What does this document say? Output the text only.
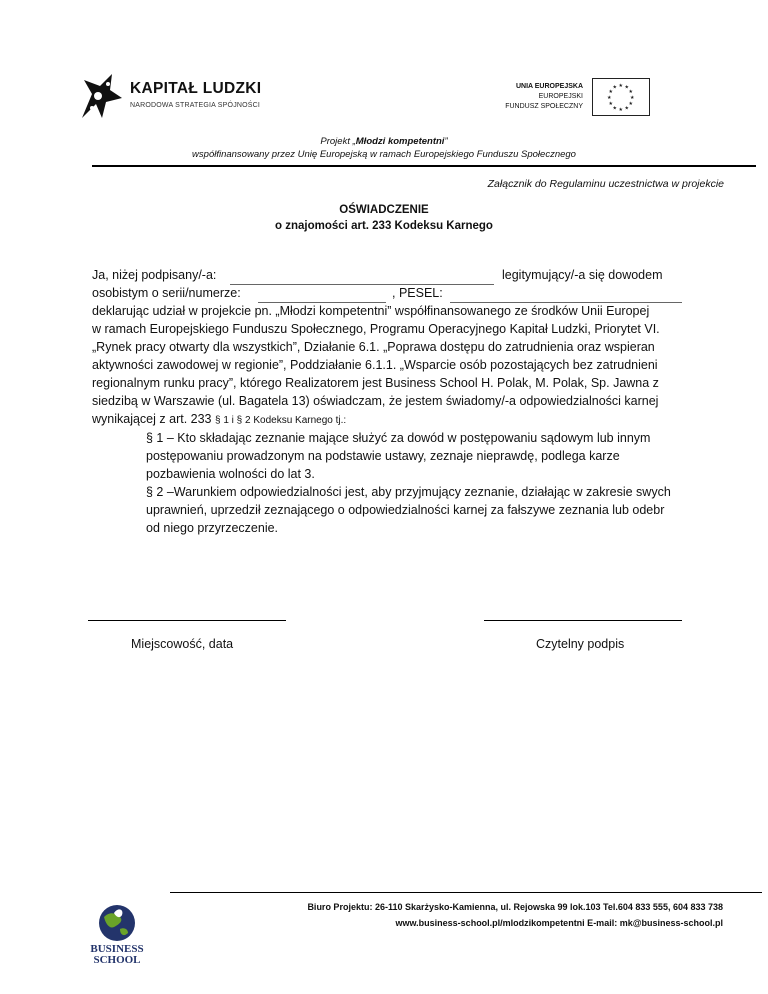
KAPITAŁ LUDZKI
NARODOWA STRATEGIA SPÓJNOŚCI
UNIA EUROPEJSKA
EUROPEJSKI
FUNDUSZ SPOŁECZNY
★ ★
★
★
★
★
★
★
★
★
★
★
Projekt „Młodzi kompetentni”
współfinansowany przez Unię Europejską w ramach Europejskiego Funduszu Społecznego
Załącznik do Regulaminu uczestnictwa w projekcie
OŚWIADCZENIE
o znajomości art. 233 Kodeksu Karnego
Ja, niżej podpisany/-a:	legitymujący/-a się dowodem
osobistym o serii/numerze:	, PESEL:
deklarując udział w projekcie pn. „Młodzi kompetentni” współfinansowanego ze środków Unii Europej
w ramach Europejskiego Funduszu Społecznego, Programu Operacyjnego Kapitał Ludzki, Priorytet VI.
„Rynek pracy otwarty dla wszystkich”, Działanie 6.1. „Poprawa dostępu do zatrudnienia oraz wspieran
aktywności zawodowej w regionie”, Poddziałanie 6.1.1. „Wsparcie osób pozostających bez zatrudnieni
regionalnym runku pracy”, którego Realizatorem jest Business School H. Polak, M. Polak, Sp. Jawna z
siedzibą w Warszawie (ul. Bagatela 13) oświadczam, że jestem świadomy/-a odpowiedzialności karnej
wynikającej z art. 233 § 1 i § 2 Kodeksu Karnego tj.:
§ 1 – Kto składając zeznanie mające służyć za dowód w postępowaniu sądowym lub innym
postępowaniu prowadzonym na podstawie ustawy, zeznaje nieprawdę, podlega karze
pozbawienia wolności do lat 3.
§ 2 –Warunkiem odpowiedzialności jest, aby przyjmujący zeznanie, działając w zakresie swych
uprawnień, uprzedził zeznającego o odpowiedzialności karnej za fałszywe zeznania lub odebr
od niego przyrzeczenie.
Miejscowość, data	Czytelny podpis
BUSINESS
SCHOOL
Biuro Projektu: 26-110 Skarżysko-Kamienna, ul. Rejowska 99 lok.103 Tel.604 833 555, 604 833 738
www.business-school.pl/mlodzikompetentni E-mail: mk@business-school.pl
